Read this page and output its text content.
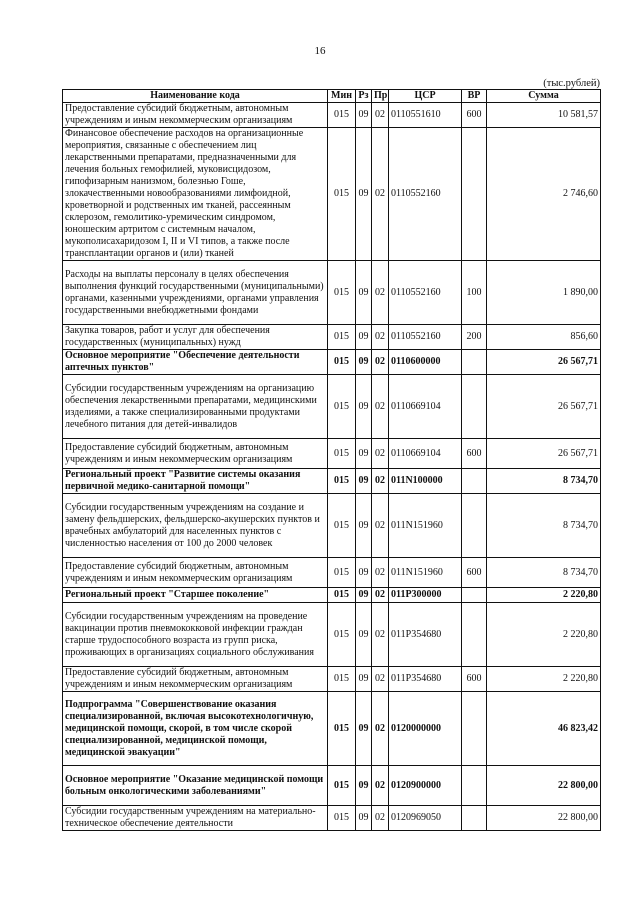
16
(тыс.рублей)
Наименование кода	Мин	Рз	Пр	ЦСР	ВР	Сумма
Предоставление субсидий бюджетным, автономным учреждениям и иным некоммерческим организациям	015	09	02	0110551610	600	10 581,57
Финансовое обеспечение расходов на организационные мероприятия, связанные с обеспечением лиц лекарственными препаратами, предназначенными для лечения больных гемофилией, муковисцидозом, гипофизарным нанизмом, болезнью Гоше, злокачественными новообразованиями лимфоидной, кроветворной и родственных им тканей, рассеянным склерозом, гемолитико-уремическим синдромом, юношеским артритом с системным началом, мукополисахаридозом I, II и VI типов, а также после трансплантации органов и (или) тканей	015	09	02	0110552160		2 746,60
Расходы на выплаты персоналу в целях обеспечения выполнения функций государственными (муниципальными) органами, казенными учреждениями, органами управления государственными внебюджетными фондами	015	09	02	0110552160	100	1 890,00
Закупка товаров, работ и услуг для обеспечения государственных (муниципальных) нужд	015	09	02	0110552160	200	856,60
Основное мероприятие "Обеспечение деятельности аптечных пунктов"	015	09	02	0110600000		26 567,71
Субсидии государственным учреждениям на организацию обеспечения лекарственными препаратами, медицинскими изделиями, а также специализированными продуктами лечебного питания для детей-инвалидов	015	09	02	0110669104		26 567,71
Предоставление субсидий бюджетным, автономным учреждениям и иным некоммерческим организациям	015	09	02	0110669104	600	26 567,71
Региональный проект "Развитие системы оказания первичной медико-санитарной помощи"	015	09	02	011N100000		8 734,70
Субсидии государственным учреждениям на создание и замену фельдшерских, фельдшерско-акушерских пунктов и врачебных амбулаторий для населенных пунктов с численностью населения от 100 до 2000 человек	015	09	02	011N151960		8 734,70
Предоставление субсидий бюджетным, автономным учреждениям и иным некоммерческим организациям	015	09	02	011N151960	600	8 734,70
Региональный проект "Старшее поколение"	015	09	02	011P300000		2 220,80
Субсидии государственным учреждениям на проведение вакцинации против пневмококковой инфекции граждан старше трудоспособного возраста из групп риска, проживающих в организациях социального обслуживания	015	09	02	011P354680		2 220,80
Предоставление субсидий бюджетным, автономным учреждениям и иным некоммерческим организациям	015	09	02	011P354680	600	2 220,80
Подпрограмма "Совершенствование оказания специализированной, включая высокотехнологичную, медицинской помощи, скорой, в том числе скорой специализированной, медицинской помощи, медицинской эвакуации"	015	09	02	0120000000		46 823,42
Основное мероприятие "Оказание медицинской помощи больным онкологическими заболеваниями"	015	09	02	0120900000		22 800,00
Субсидии государственным учреждениям на материально-техническое обеспечение деятельности	015	09	02	0120969050		22 800,00
